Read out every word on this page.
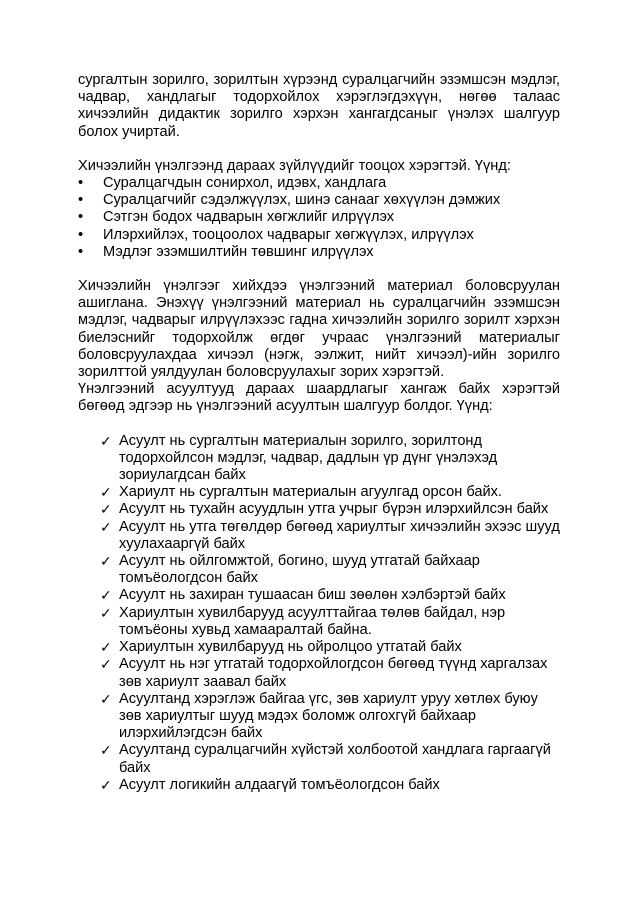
сургалтын зорилго, зорилтын хүрээнд суралцагчийн эзэмшсэн мэдлэг, чадвар, хандлагыг тодорхойлох хэрэглэгдэхүүн, нөгөө талаас хичээлийн дидактик зорилго хэрхэн хангагдсаныг үнэлэх шалгуур болох учиртай.

Хичээлийн үнэлгээнд дараах зүйлүүдийг тооцох хэрэгтэй. Үүнд:

• Суралцагчдын сонирхол, идэвх, хандлага
• Суралцагчийг сэдэлжүүлэх, шинэ санааг хөхүүлэн дэмжих
• Сэтгэн бодох чадварын хөгжлийг илрүүлэх
• Илэрхийлэх, тооцоолох чадварыг хөгжүүлэх, илрүүлэх
• Мэдлэг эзэмшилтийн төвшинг илрүүлэх

Хичээлийн үнэлгээг хийхдээ үнэлгээний материал боловсруулан ашиглана. Энэхүү үнэлгээний материал нь суралцагчийн эзэмшсэн мэдлэг, чадварыг илрүүлэхээс гадна хичээлийн зорилго зорилт хэрхэн биелэснийг тодорхойлж өгдөг учраас үнэлгээний материалыг боловсруулахдаа хичээл (нэгж, ээлжит, нийт хичээл)-ийн зорилго зорилттой уялдуулан боловсруулахыг зорих хэрэгтэй.

Үнэлгээний асуултууд дараах шаардлагыг хангаж байх хэрэгтэй бөгөөд эдгээр нь үнэлгээний асуултын шалгуур болдог. Үүнд:

✓ Асуулт нь сургалтын материалын зорилго, зорилтонд тодорхойлсон мэдлэг, чадвар, дадлын үр дүнг үнэлэхэд зориулагдсан байх
✓ Хариулт нь сургалтын материалын агуулгад орсон байх.
✓ Асуулт нь тухайн асуудлын утга учрыг бүрэн илэрхийлсэн байх
✓ Асуулт нь утга төгөлдөр бөгөөд хариултыг хичээлийн эхээс шууд хуулахааргүй байх
✓ Асуулт нь ойлгомжтой, богино, шууд утгатай байхаар томъёологдсон байх
✓ Асуулт нь захиран тушаасан биш зөөлөн хэлбэртэй байх
✓ Хариултын хувилбарууд асуулттайгаа төлөв байдал, нэр томъёоны хувьд хамааралтай байна.
✓ Хариултын хувилбарууд нь ойролцоо утгатай байх
✓ Асуулт нь нэг утгатай тодорхойлогдсон бөгөөд түүнд харгалзах зөв хариулт заавал байх
✓ Асуултанд хэрэглэж байгаа үгс, зөв хариулт уруу хөтлөх буюу зөв хариултыг шууд мэдэх боломж олгохгүй байхаар илэрхийлэгдсэн байх
✓ Асуултанд суралцагчийн хүйстэй холбоотой хандлага гаргаагүй байх
✓ Асуулт логикийн алдаагүй томъёологдсон байх
